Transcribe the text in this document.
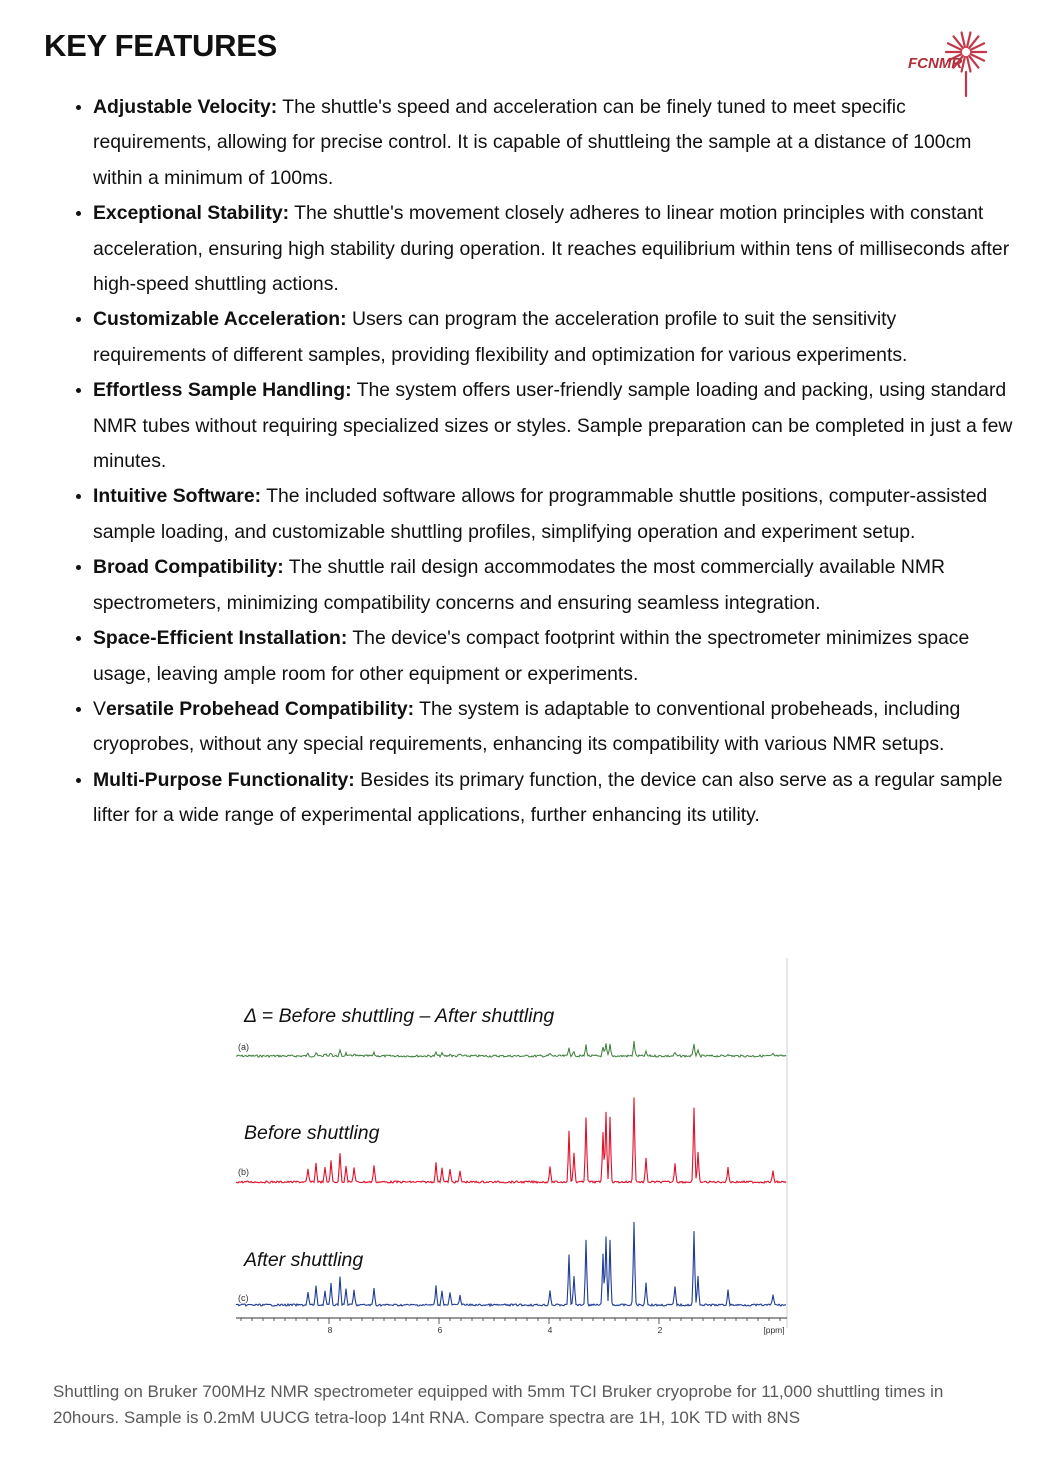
KEY FEATURES
FCNMR
• Adjustable Velocity: The shuttle's speed and acceleration can be finely tuned to meet specific requirements, allowing for precise control. It is capable of shuttleing the sample at a distance of 100cm within a minimum of 100ms.
• Exceptional Stability: The shuttle's movement closely adheres to linear motion principles with constant acceleration, ensuring high stability during operation. It reaches equilibrium within tens of milliseconds after high-speed shuttling actions.
• Customizable Acceleration: Users can program the acceleration profile to suit the sensitivity requirements of different samples, providing flexibility and optimization for various experiments.
• Effortless Sample Handling: The system offers user-friendly sample loading and packing, using standard NMR tubes without requiring specialized sizes or styles. Sample preparation can be completed in just a few minutes.
• Intuitive Software: The included software allows for programmable shuttle positions, computer-assisted sample loading, and customizable shuttling profiles, simplifying operation and experiment setup.
• Broad Compatibility: The shuttle rail design accommodates the most commercially available NMR spectrometers, minimizing compatibility concerns and ensuring seamless integration.
• Space-Efficient Installation: The device's compact footprint within the spectrometer minimizes space usage, leaving ample room for other equipment or experiments.
• Versatile Probehead Compatibility: The system is adaptable to conventional probeheads, including cryoprobes, without any special requirements, enhancing its compatibility with various NMR setups.
• Multi-Purpose Functionality: Besides its primary function, the device can also serve as a regular sample lifter for a wide range of experimental applications, further enhancing its utility.
Δ = Before shuttling – After shuttling
(a)
Before shuttling
(b)
After shuttling
(c)
8	6	4	2	[ppm]

Shuttling on Bruker 700MHz NMR spectrometer equipped with 5mm TCI Bruker cryoprobe for 11,000 shuttling times in 20hours. Sample is 0.2mM UUCG tetra-loop 14nt RNA. Compare spectra are 1H, 10K TD with 8NS
